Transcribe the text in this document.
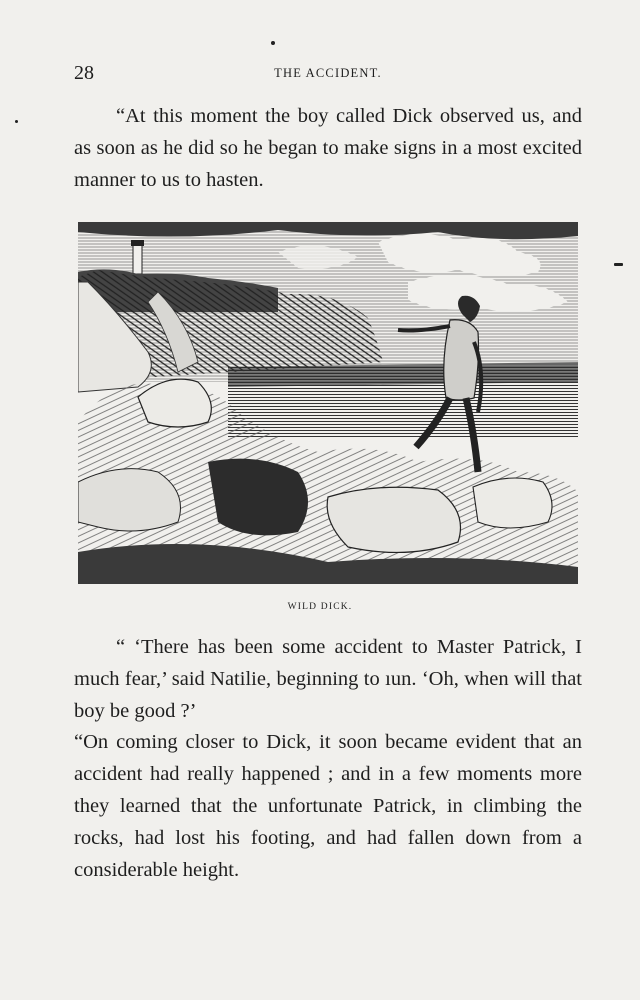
28	THE ACCIDENT.

“At this moment the boy called Dick observed us, and as soon as he did so he began to make signs in a most excited manner to us to hasten.

WILD DICK.

“ ‘There has been some accident to Master Patrick, I much fear,’ said Natilie, beginning to ıun. ‘Oh, when will that boy be good ?’

“On coming closer to Dick, it soon became evident that an accident had really happened ; and in a few moments more they learned that the unfortunate Patrick, in climbing the rocks, had lost his footing, and had fallen down from a considerable height.
